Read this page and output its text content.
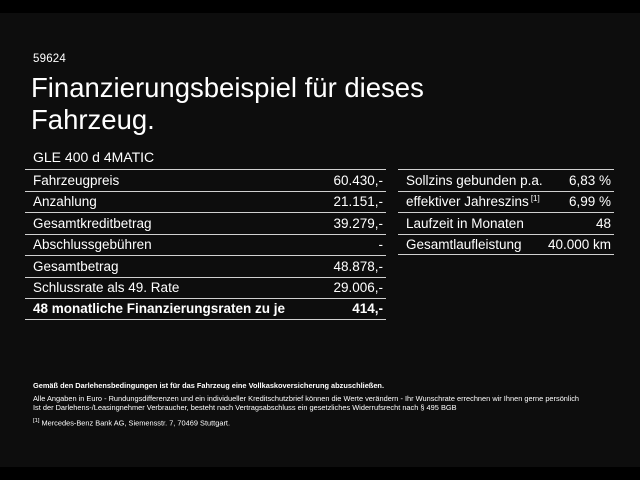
59624
Finanzierungsbeispiel für dieses Fahrzeug.
GLE 400 d 4MATIC
Fahrzeugpreis	60.430,-
Anzahlung	21.151,-
Gesamtkreditbetrag	39.279,-
Abschlussgebühren	-
Gesamtbetrag	48.878,-
Schlussrate als 49. Rate	29.006,-
48 monatliche Finanzierungsraten zu je	414,-
Sollzins gebunden p.a. 6,83 %
effektiver Jahreszins [1] 6,99 %
Laufzeit in Monaten	48
Gesamtlaufleistung 40.000 km

Gemäß den Darlehensbedingungen ist für das Fahrzeug eine Vollkaskoversicherung abzuschließen.

Alle Angaben in Euro - Rundungsdifferenzen und ein individueller Kreditschutzbrief können die Werte verändern - Ihr Wunschrate errechnen wir Ihnen gerne persönlich

Ist der Darlehens-/Leasingnehmer Verbraucher, besteht nach Vertragsabschluss ein gesetzliches Widerrufsrecht nach § 495 BGB

[1] Mercedes-Benz Bank AG, Siemensstr. 7, 70469 Stuttgart.
